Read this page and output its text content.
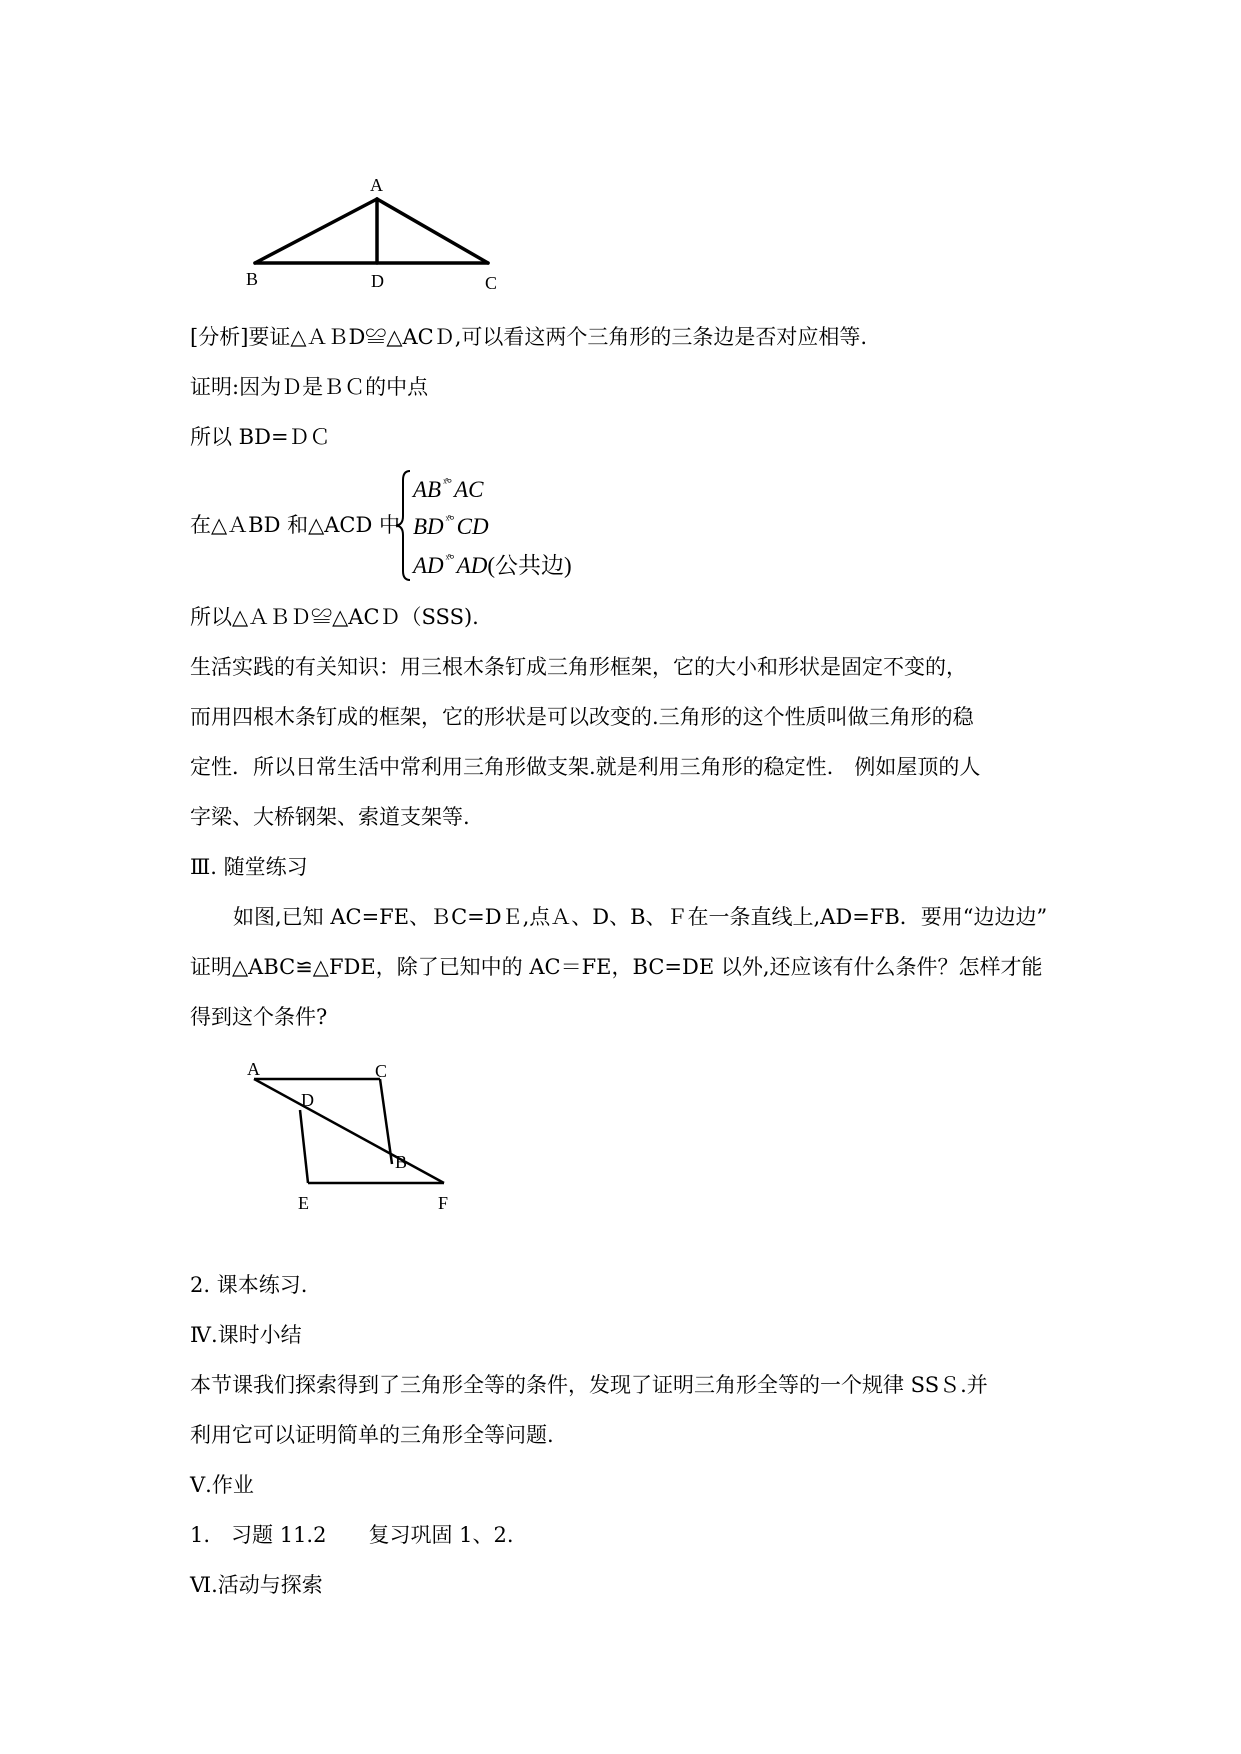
A
B	D	C
[分析]要证△ＡＢD≌△ACＤ,可以看这两个三角形的三条边是否对应相等.
证明:因为Ｄ是ＢＣ的中点
所以 BD=ＤＣ
在△ＡBD 和△ACD 中
AB $^{ˣ̊^\circ}$AC
BD $^{ˣ̊^\circ}$CD
AD $^{ˣ̊^\circ}$AD(公共边)
所以△ＡＢＤ≌△ACＤ（SSS).
生活实践的有关知识：用三根木条钉成三角形框架，它的大小和形状是固定不变的，
而用四根木条钉成的框架，它的形状是可以改变的.三角形的这个性质叫做三角形的稳
定性．所以日常生活中常利用三角形做支架.就是利用三角形的稳定性.　例如屋顶的人
字梁、大桥钢架、索道支架等.
Ⅲ. 随堂练习
如图,已知 AC=FE、ＢC=DＥ,点Ａ、D、B、Ｆ在一条直线上,AD=FB．要用“边边边”
证明△ABC≌△FDE，除了已知中的 AC＝FE，BC=DE 以外,还应该有什么条件？怎样才能
得到这个条件?
A	C
D
B
E	F
2. 课本练习.
Ⅳ.课时小结
本节课我们探索得到了三角形全等的条件，发现了证明三角形全等的一个规律 SSＳ.并
利用它可以证明简单的三角形全等问题.
Ⅴ.作业
1.　习题 11.2　　复习巩固 1、2.
Ⅵ.活动与探索
